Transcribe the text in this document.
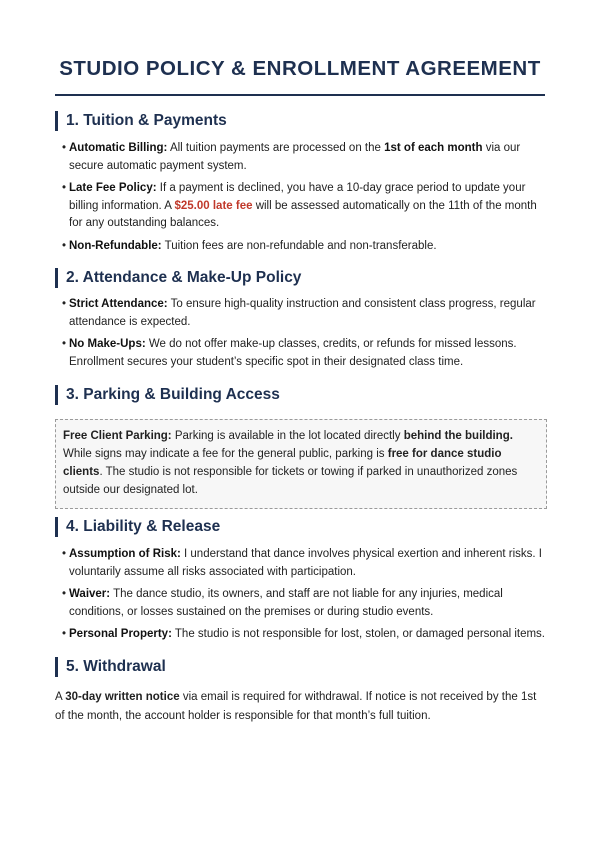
STUDIO POLICY & ENROLLMENT AGREEMENT
1. Tuition & Payments
• Automatic Billing: All tuition payments are processed on the 1st of each month via our secure automatic payment system.
• Late Fee Policy: If a payment is declined, you have a 10-day grace period to update your billing information. A $25.00 late fee will be assessed automatically on the 11th of the month for any outstanding balances.
• Non-Refundable: Tuition fees are non-refundable and non-transferable.
2. Attendance & Make-Up Policy
• Strict Attendance: To ensure high-quality instruction and consistent class progress, regular attendance is expected.
• No Make-Ups: We do not offer make-up classes, credits, or refunds for missed lessons. Enrollment secures your student’s specific spot in their designated class time.
3. Parking & Building Access
Free Client Parking: Parking is available in the lot located directly behind the building. While signs may indicate a fee for the general public, parking is free for dance studio clients. The studio is not responsible for tickets or towing if parked in unauthorized zones outside our designated lot.
4. Liability & Release
• Assumption of Risk: I understand that dance involves physical exertion and inherent risks. I voluntarily assume all risks associated with participation.
• Waiver: The dance studio, its owners, and staff are not liable for any injuries, medical conditions, or losses sustained on the premises or during studio events.
• Personal Property: The studio is not responsible for lost, stolen, or damaged personal items.
5. Withdrawal

A 30-day written notice via email is required for withdrawal. If notice is not received by the 1st of the month, the account holder is responsible for that month’s full tuition.
